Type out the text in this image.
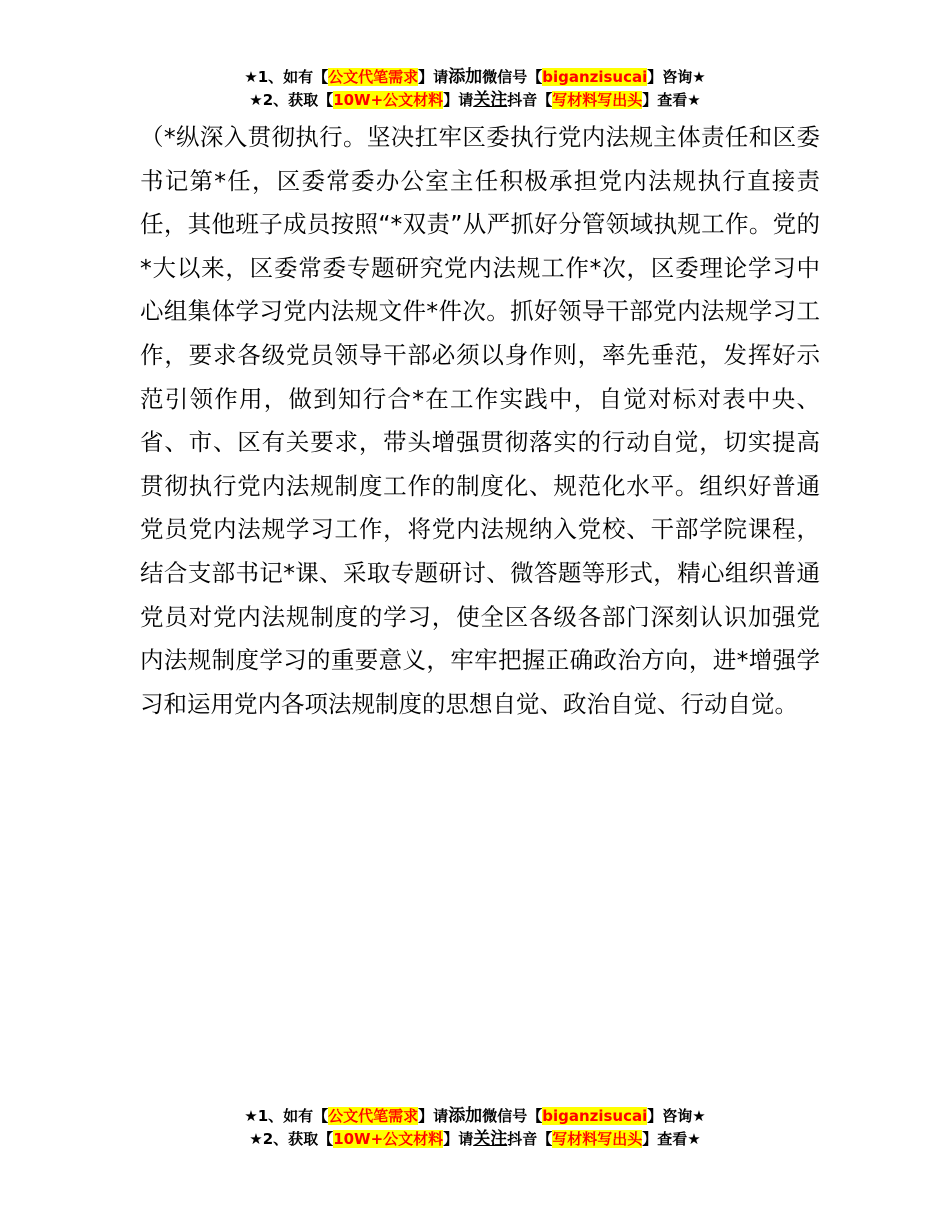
★1、如有【公文代笔需求】请添加微信号【biganzisucai】咨询★
★2、获取【10W+公文材料】请关注抖音【写材料写出头】查看★

（*纵深入贯彻执行。坚决扛牢区委执行党内法规主体责任和区委书记第*任，区委常委办公室主任积极承担党内法规执行直接责任，其他班子成员按照“*双责”从严抓好分管领域执规工作。党的*大以来，区委常委专题研究党内法规工作*次，区委理论学习中心组集体学习党内法规文件*件次。抓好领导干部党内法规学习工作，要求各级党员领导干部必须以身作则，率先垂范，发挥好示范引领作用，做到知行合*在工作实践中，自觉对标对表中央、省、市、区有关要求，带头增强贯彻落实的行动自觉，切实提高贯彻执行党内法规制度工作的制度化、规范化水平。组织好普通党员党内法规学习工作，将党内法规纳入党校、干部学院课程，结合支部书记*课、采取专题研讨、微答题等形式，精心组织普通党员对党内法规制度的学习，使全区各级各部门深刻认识加强党内法规制度学习的重要意义，牢牢把握正确政治方向，进*增强学习和运用党内各项法规制度的思想自觉、政治自觉、行动自觉。

★1、如有【公文代笔需求】请添加微信号【biganzisucai】咨询★
★2、获取【10W+公文材料】请关注抖音【写材料写出头】查看★
